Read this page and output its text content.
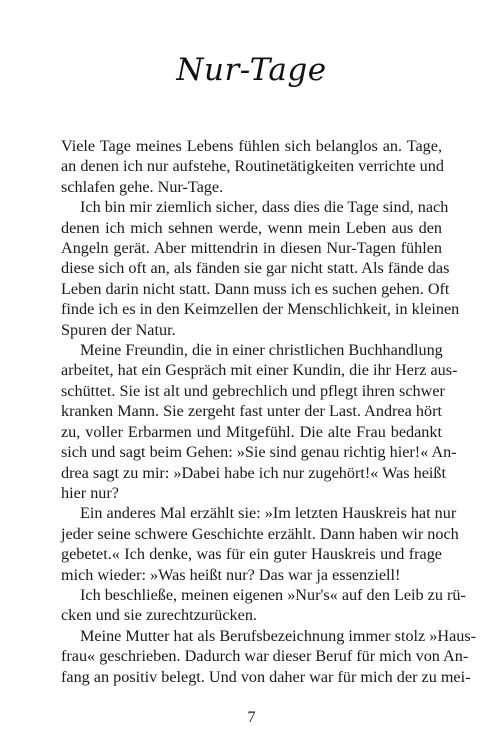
Nur-Tage
Viele Tage meines Lebens fühlen sich belanglos an. Tage,
an denen ich nur aufstehe, Routinetätigkeiten verrichte und
schlafen gehe. Nur-Tage.
Ich bin mir ziemlich sicher, dass dies die Tage sind, nach
denen ich mich sehnen werde, wenn mein Leben aus den
Angeln gerät. Aber mittendrin in diesen Nur-Tagen fühlen
diese sich oft an, als fänden sie gar nicht statt. Als fände das
Leben darin nicht statt. Dann muss ich es suchen gehen. Oft
finde ich es in den Keimzellen der Menschlichkeit, in kleinen
Spuren der Natur.
Meine Freundin, die in einer christlichen Buchhandlung
arbeitet, hat ein Gespräch mit einer Kundin, die ihr Herz aus-
schüttet. Sie ist alt und gebrechlich und pflegt ihren schwer
kranken Mann. Sie zergeht fast unter der Last. Andrea hört
zu, voller Erbarmen und Mitgefühl. Die alte Frau bedankt
sich und sagt beim Gehen: »Sie sind genau richtig hier!« An-
drea sagt zu mir: »Dabei habe ich nur zugehört!« Was heißt
hier nur?
Ein anderes Mal erzählt sie: »Im letzten Hauskreis hat nur
jeder seine schwere Geschichte erzählt. Dann haben wir noch
gebetet.« Ich denke, was für ein guter Hauskreis und frage
mich wieder: »Was heißt nur? Das war ja essenziell!
Ich beschließe, meinen eigenen »Nur's« auf den Leib zu rü-
cken und sie zurechtzurücken.
Meine Mutter hat als Berufsbezeichnung immer stolz »Haus-
frau« geschrieben. Dadurch war dieser Beruf für mich von An-
fang an positiv belegt. Und von daher war für mich der zu mei-
7
